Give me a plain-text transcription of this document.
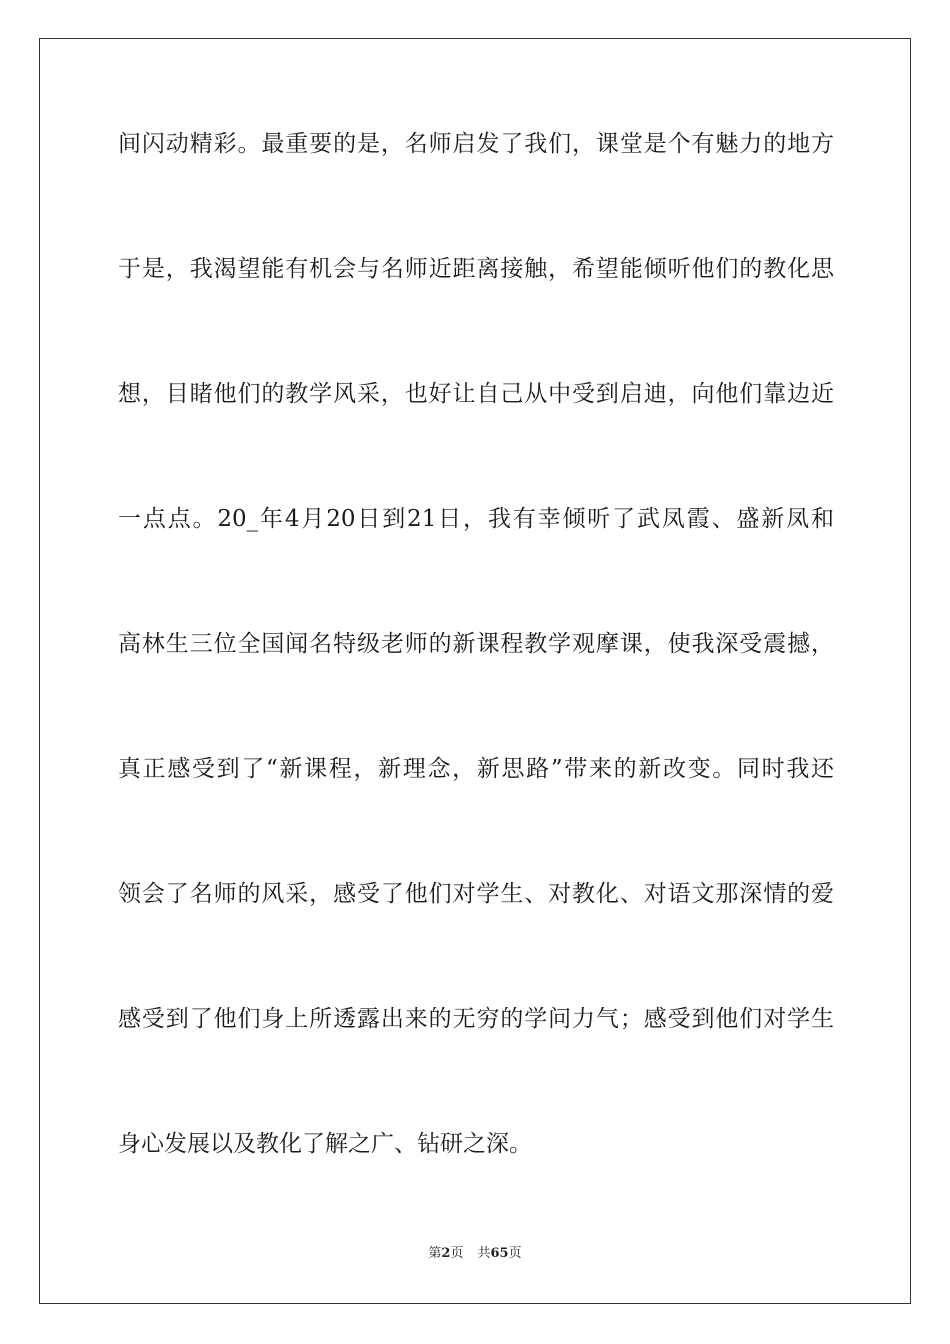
间闪动精彩。最重要的是，名师启发了我们，课堂是个有魅力的地方
于是，我渴望能有机会与名师近距离接触，希望能倾听他们的教化思
想，目睹他们的教学风采，也好让自己从中受到启迪，向他们靠边近
一点点。20_年4月20日到21日，我有幸倾听了武凤霞、盛新凤和
高林生三位全国闻名特级老师的新课程教学观摩课，使我深受震撼，
真正感受到了“新课程，新理念，新思路”带来的新改变。同时我还
领会了名师的风采，感受了他们对学生、对教化、对语文那深情的爱
感受到了他们身上所透露出来的无穷的学问力气；感受到他们对学生
身心发展以及教化了解之广、钻研之深。
第2页 共65页
